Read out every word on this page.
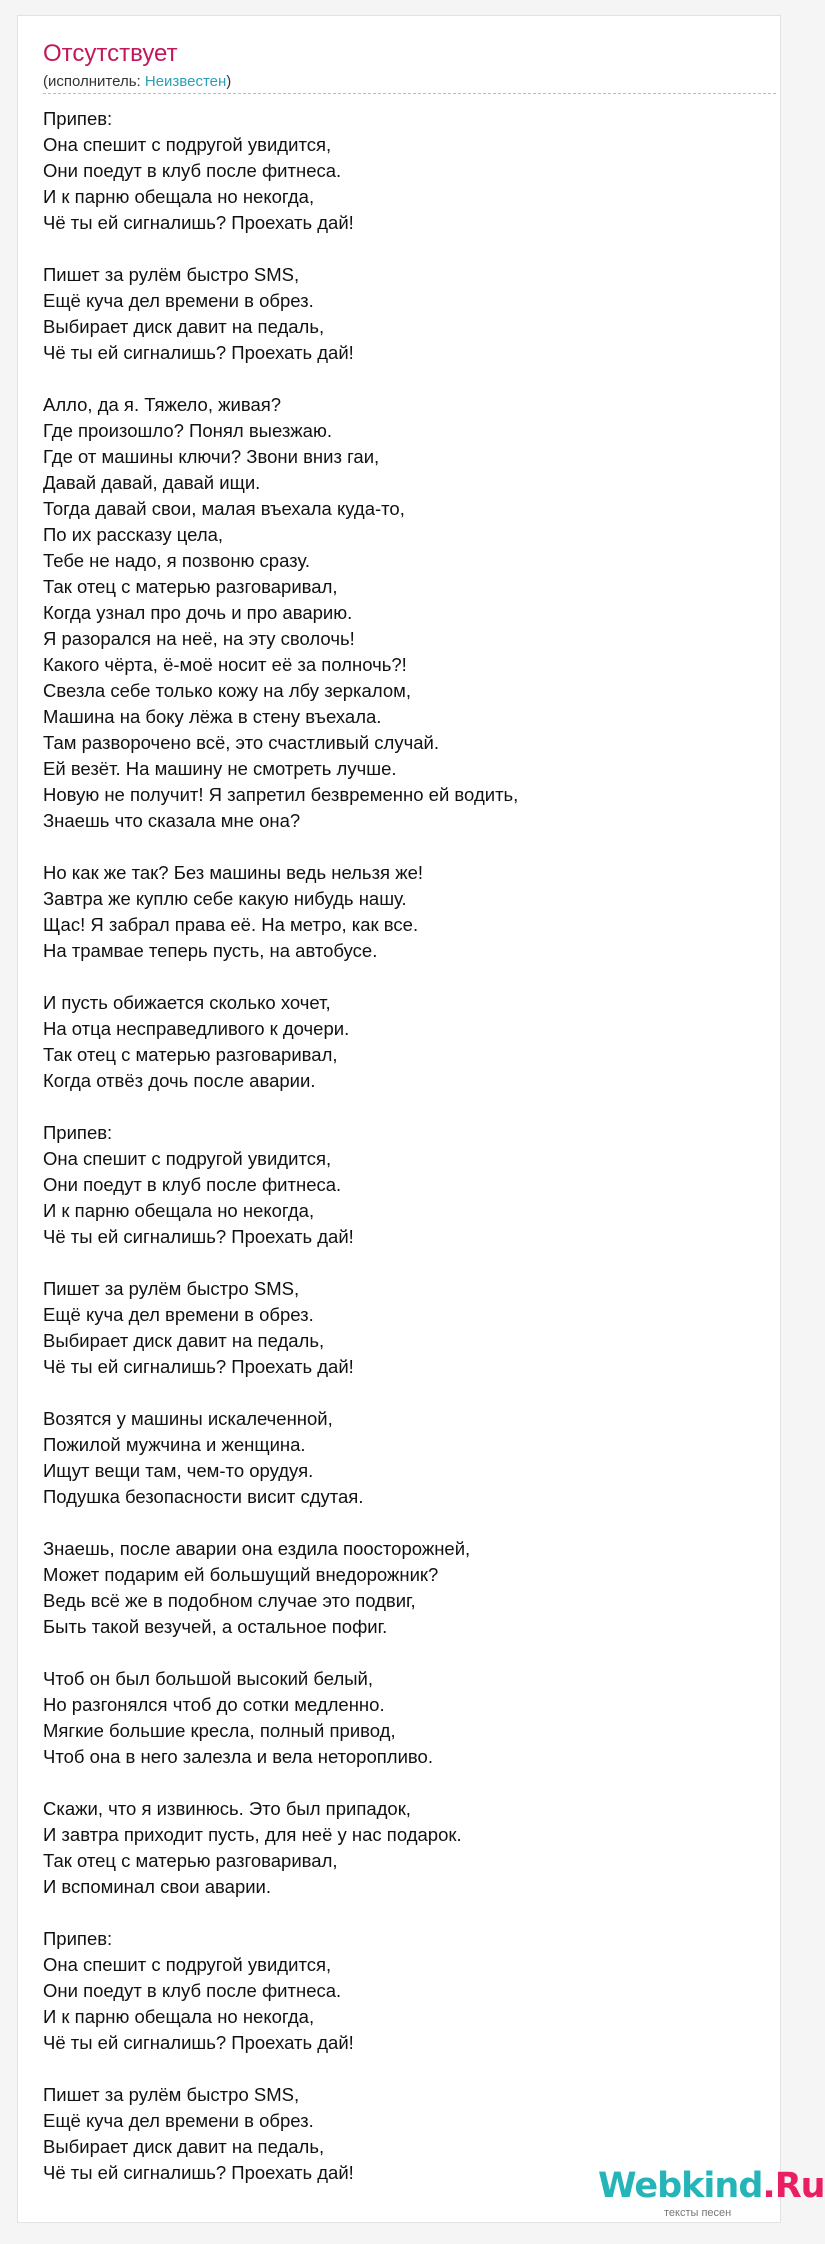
Отсутствует
(исполнитель: Неизвестен)
Припев:
Она спешит с подругой увидится,
Они поедут в клуб после фитнеса.
И к парню обещала но некогда,
Чё ты ей сигналишь? Проехать дай!
Пишет за рулём быстро SMS,
Ещё куча дел времени в обрез.
Выбирает диск давит на педаль,
Чё ты ей сигналишь? Проехать дай!
Алло, да я. Тяжело, живая?
Где произошло? Понял выезжаю.
Где от машины ключи? Звони вниз гаи,
Давай давай, давай ищи.
Тогда давай свои, малая въехала куда-то,
По их рассказу цела,
Тебе не надо, я позвоню сразу.
Так отец с матерью разговаривал,
Когда узнал про дочь и про аварию.
Я разорался на неё, на эту сволочь!
Какого чёрта, ё-моё носит её за полночь?!
Свезла себе только кожу на лбу зеркалом,
Машина на боку лёжа в стену въехала.
Там разворочено всё, это счастливый случай.
Ей везёт. На машину не смотреть лучше.
Новую не получит! Я запретил безвременно ей водить,
Знаешь что сказала мне она?
Но как же так? Без машины ведь нельзя же!
Завтра же куплю себе какую нибудь нашу.
Щас! Я забрал права её. На метро, как все.
На трамвае теперь пусть, на автобусе.
И пусть обижается сколько хочет,
На отца несправедливого к дочери.
Так отец с матерью разговаривал,
Когда отвёз дочь после аварии.
Припев:
Она спешит с подругой увидится,
Они поедут в клуб после фитнеса.
И к парню обещала но некогда,
Чё ты ей сигналишь? Проехать дай!
Пишет за рулём быстро SMS,
Ещё куча дел времени в обрез.
Выбирает диск давит на педаль,
Чё ты ей сигналишь? Проехать дай!
Возятся у машины искалеченной,
Пожилой мужчина и женщина.
Ищут вещи там, чем-то орудуя.
Подушка безопасности висит сдутая.
Знаешь, после аварии она ездила поосторожней,
Может подарим ей большущий внедорожник?
Ведь всё же в подобном случае это подвиг,
Быть такой везучей, а остальное пофиг.
Чтоб он был большой высокий белый,
Но разгонялся чтоб до сотки медленно.
Мягкие большие кресла, полный привод,
Чтоб она в него залезла и вела неторопливо.
Скажи, что я извинюсь. Это был припадок,
И завтра приходит пусть, для неё у нас подарок.
Так отец с матерью разговаривал,
И вспоминал свои аварии.
Припев:
Она спешит с подругой увидится,
Они поедут в клуб после фитнеса.
И к парню обещала но некогда,
Чё ты ей сигналишь? Проехать дай!
Пишет за рулём быстро SMS,
Ещё куча дел времени в обрез.
Выбирает диск давит на педаль,
Чё ты ей сигналишь? Проехать дай!	Webkind.Ru
тексты песен
